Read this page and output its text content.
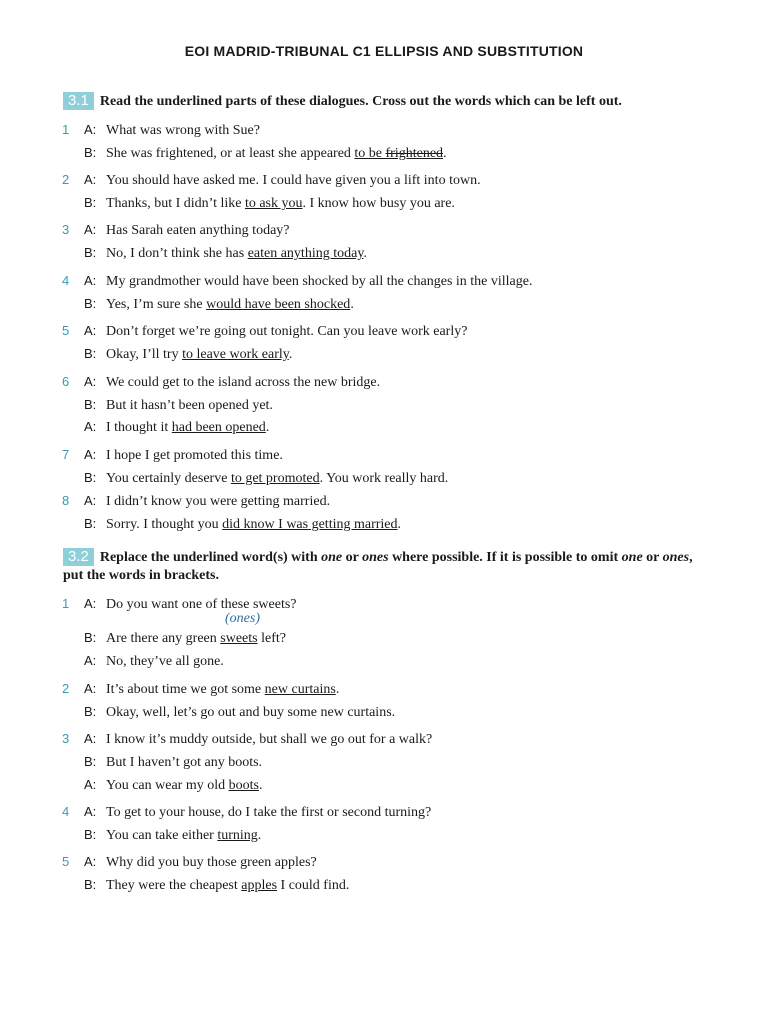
EOI MADRID-TRIBUNAL C1 ELLIPSIS AND SUBSTITUTION
3.1 Read the underlined parts of these dialogues. Cross out the words which can be left out.
1 A: What was wrong with Sue?
B: She was frightened, or at least she appeared to be frightened.
2 A: You should have asked me. I could have given you a lift into town.
B: Thanks, but I didn’t like to ask you. I know how busy you are.
3 A: Has Sarah eaten anything today?
B: No, I don’t think she has eaten anything today.
4 A: My grandmother would have been shocked by all the changes in the village.
B: Yes, I’m sure she would have been shocked.
5 A: Don’t forget we’re going out tonight. Can you leave work early?
B: Okay, I’ll try to leave work early.
6 A: We could get to the island across the new bridge.
B: But it hasn’t been opened yet.
A: I thought it had been opened.
7 A: I hope I get promoted this time.
B: You certainly deserve to get promoted. You work really hard.
8 A: I didn’t know you were getting married.
B: Sorry. I thought you did know I was getting married.
3.2 Replace the underlined word(s) with one or ones where possible. If it is possible to omit one or ones,
put the words in brackets.
1 A: Do you want one of these sweets?
(ones)
B: Are there any green sweets left?
A: No, they’ve all gone.
2 A: It’s about time we got some new curtains.
B: Okay, well, let’s go out and buy some new curtains.
3 A: I know it’s muddy outside, but shall we go out for a walk?
B: But I haven’t got any boots.
A: You can wear my old boots.
4 A: To get to your house, do I take the first or second turning?
B: You can take either turning.
5 A: Why did you buy those green apples?
B: They were the cheapest apples I could find.
